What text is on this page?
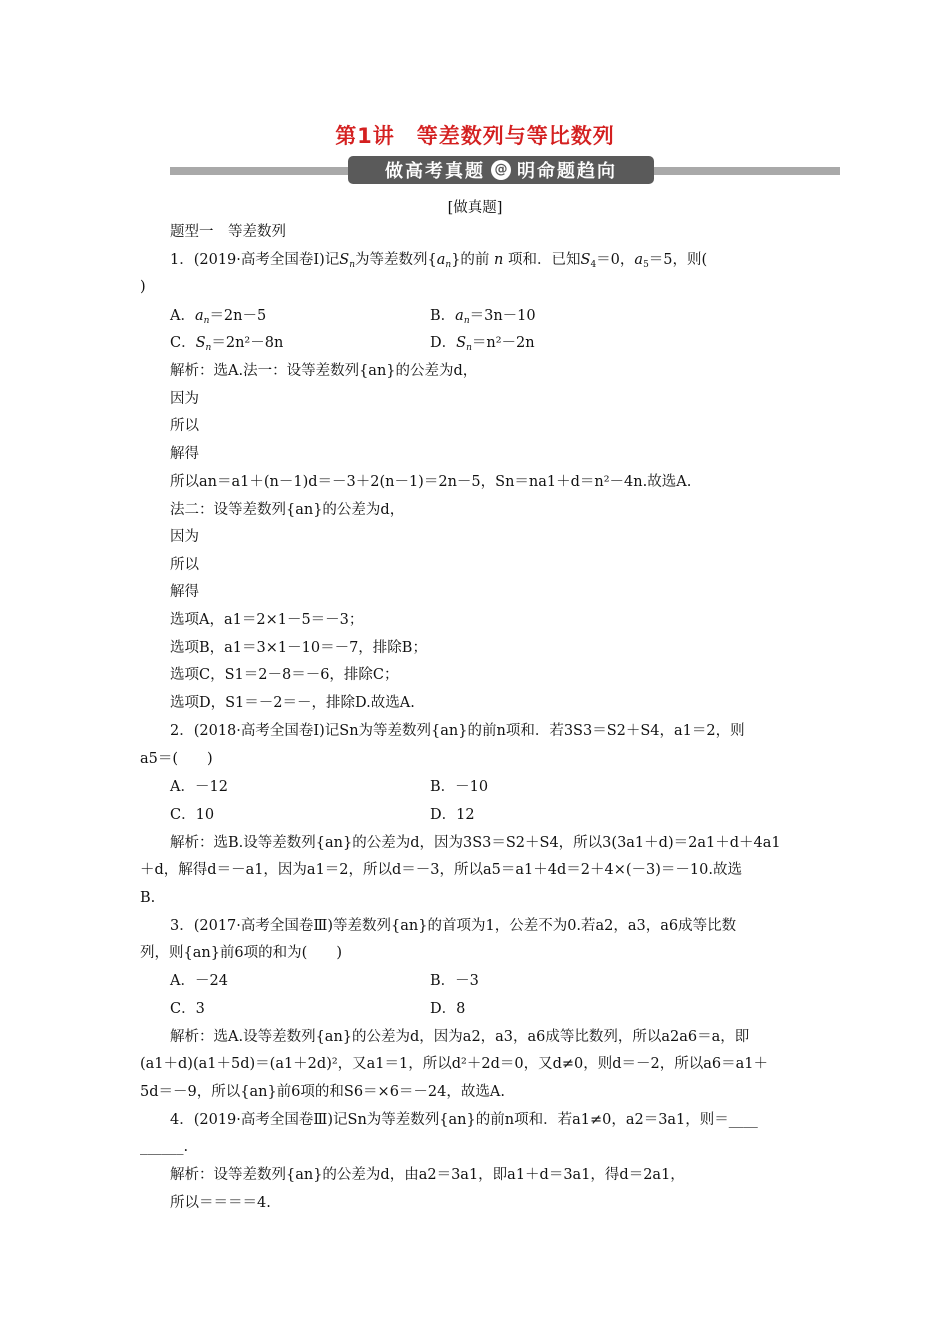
第1讲　等差数列与等比数列
做高考真题 @ 明命题趋向
[做真题]
题型一　等差数列
1．(2019·高考全国卷Ⅰ)记$S_n$为等差数列$\{a_n\}$的前 n 项和．已知$S_4=0$，$a_5=5$，则(
)
A．$a_n=2n-5$	B．$a_n=3n-10$
C．$S_n=2n^2-8n$	D．$S_n=n^2-2n$
解析：选A.法一：设等差数列{an}的公差为d，
因为
所以
解得
所以an＝a1＋(n－1)d＝－3＋2(n－1)＝2n－5，Sn＝na1＋d＝n²－4n.故选A.
法二：设等差数列{an}的公差为d，
因为
所以
解得
选项A，a1＝2×1－5＝－3；
选项B，a1＝3×1－10＝－7，排除B；
选项C，S1＝2－8＝－6，排除C；
选项D，S1＝－2＝－，排除D.故选A.
2．(2018·高考全国卷Ⅰ)记Sn为等差数列{an}的前n项和．若3S3＝S2＋S4，a1＝2，则
a5＝(　　)
A．－12	B．－10
C．10	D．12
解析：选B.设等差数列{an}的公差为d，因为3S3＝S2＋S4，所以3(3a1＋d)＝2a1＋d＋4a1
＋d，解得d＝－a1，因为a1＝2，所以d＝－3，所以a5＝a1＋4d＝2＋4×(－3)＝－10.故选
B.
3．(2017·高考全国卷Ⅲ)等差数列{an}的首项为1，公差不为0.若a2，a3，a6成等比数
列，则{an}前6项的和为(　　)
A．－24	B．－3
C．3	D．8
解析：选A.设等差数列{an}的公差为d，因为a2，a3，a6成等比数列，所以a2a6＝a，即
(a1＋d)(a1＋5d)＝(a1＋2d)²，又a1＝1，所以d²＋2d＝0，又d≠0，则d＝－2，所以a6＝a1＋
5d＝－9，所以{an}前6项的和S6＝×6＝－24，故选A.
4．(2019·高考全国卷Ⅲ)记Sn为等差数列{an}的前n项和．若a1≠0，a2＝3a1，则＝____
______.
解析：设等差数列{an}的公差为d，由a2＝3a1，即a1＋d＝3a1，得d＝2a1，
所以＝＝＝＝4.
